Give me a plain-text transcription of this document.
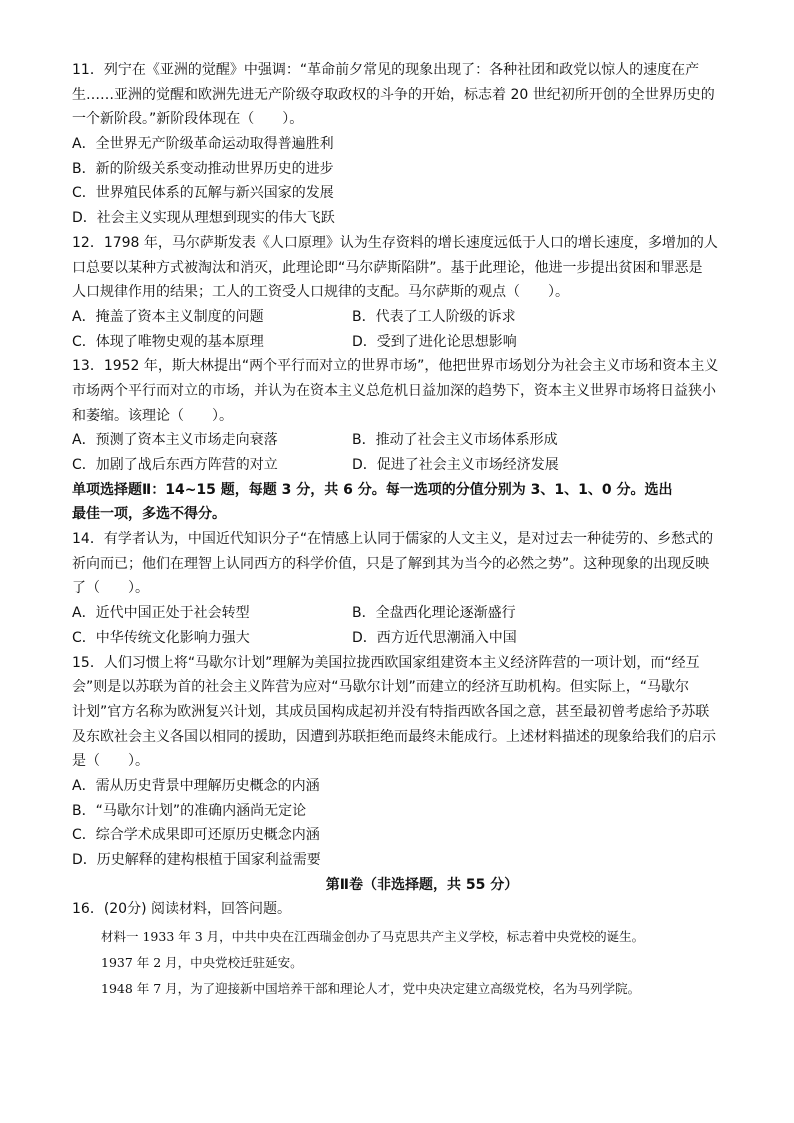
11．列宁在《亚洲的觉醒》中强调：“革命前夕常见的现象出现了：各种社团和政党以惊人的速度在产
生……亚洲的觉醒和欧洲先进无产阶级夺取政权的斗争的开始，标志着 20 世纪初所开创的全世界历史的
一个新阶段。”新阶段体现在（　　）。
A．全世界无产阶级革命运动取得普遍胜利
B．新的阶级关系变动推动世界历史的进步
C．世界殖民体系的瓦解与新兴国家的发展
D．社会主义实现从理想到现实的伟大飞跃
12．1798 年，马尔萨斯发表《人口原理》认为生存资料的增长速度远低于人口的增长速度，多增加的人
口总要以某种方式被淘汰和消灭，此理论即“马尔萨斯陷阱”。基于此理论，他进一步提出贫困和罪恶是
人口规律作用的结果；工人的工资受人口规律的支配。马尔萨斯的观点（　　）。
A．掩盖了资本主义制度的问题	B．代表了工人阶级的诉求
C．体现了唯物史观的基本原理	D．受到了进化论思想影响
13．1952 年，斯大林提出“两个平行而对立的世界市场”，他把世界市场划分为社会主义市场和资本主义
市场两个平行而对立的市场，并认为在资本主义总危机日益加深的趋势下，资本主义世界市场将日益狭小
和萎缩。该理论（　　）。
A．预测了资本主义市场走向衰落	B．推动了社会主义市场体系形成
C．加剧了战后东西方阵营的对立	D．促进了社会主义市场经济发展
单项选择题Ⅱ：14~15 题，每题 3 分，共 6 分。每一选项的分值分别为 3、1、1、0 分。选出
最佳一项，多选不得分。
14．有学者认为，中国近代知识分子“在情感上认同于儒家的人文主义，是对过去一种徒劳的、乡愁式的
祈向而已；他们在理智上认同西方的科学价值，只是了解到其为当今的必然之势”。这种现象的出现反映
了（　　）。
A．近代中国正处于社会转型	B．全盘西化理论逐渐盛行
C．中华传统文化影响力强大	D．西方近代思潮涌入中国
15．人们习惯上将“马歇尔计划”理解为美国拉拢西欧国家组建资本主义经济阵营的一项计划，而“经互
会”则是以苏联为首的社会主义阵营为应对“马歇尔计划”而建立的经济互助机构。但实际上，“马歇尔
计划”官方名称为欧洲复兴计划，其成员国构成起初并没有特指西欧各国之意，甚至最初曾考虑给予苏联
及东欧社会主义各国以相同的援助，因遭到苏联拒绝而最终未能成行。上述材料描述的现象给我们的启示
是（　　）。
A．需从历史背景中理解历史概念的内涵
B．“马歇尔计划”的准确内涵尚无定论
C．综合学术成果即可还原历史概念内涵
D．历史解释的建构根植于国家利益需要
第Ⅱ卷（非选择题，共 55 分）
16．(20分) 阅读材料，回答问题。
材料一 1933 年 3 月，中共中央在江西瑞金创办了马克思共产主义学校，标志着中央党校的诞生。
1937 年 2 月，中央党校迁驻延安。
1948 年 7 月，为了迎接新中国培养干部和理论人才，党中央决定建立高级党校，名为马列学院。
